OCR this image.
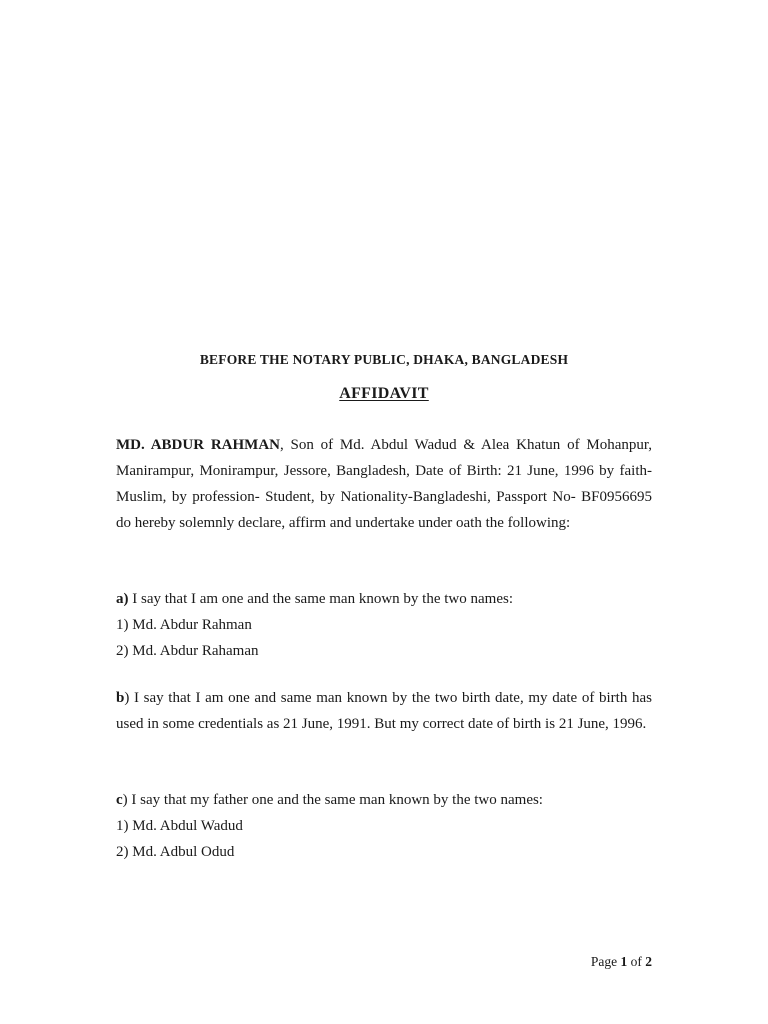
BEFORE THE NOTARY PUBLIC, DHAKA, BANGLADESH
AFFIDAVIT

MD. ABDUR RAHMAN, Son of Md. Abdul Wadud & Alea Khatun of Mohanpur, Manirampur, Monirampur, Jessore, Bangladesh, Date of Birth: 21 June, 1996 by faith-Muslim, by profession- Student, by Nationality-Bangladeshi, Passport No- BF0956695 do hereby solemnly declare, affirm and undertake under oath the following:

a) I say that I am one and the same man known by the two names:
1) Md. Abdur Rahman
2) Md. Abdur Rahaman
b) I say that I am one and same man known by the two birth date, my date of birth has used in some credentials as 21 June, 1991. But my correct date of birth is 21 June, 1996.
c) I say that my father one and the same man known by the two names:
1) Md. Abdul Wadud
2) Md. Adbul Odud
Page 1 of 2
